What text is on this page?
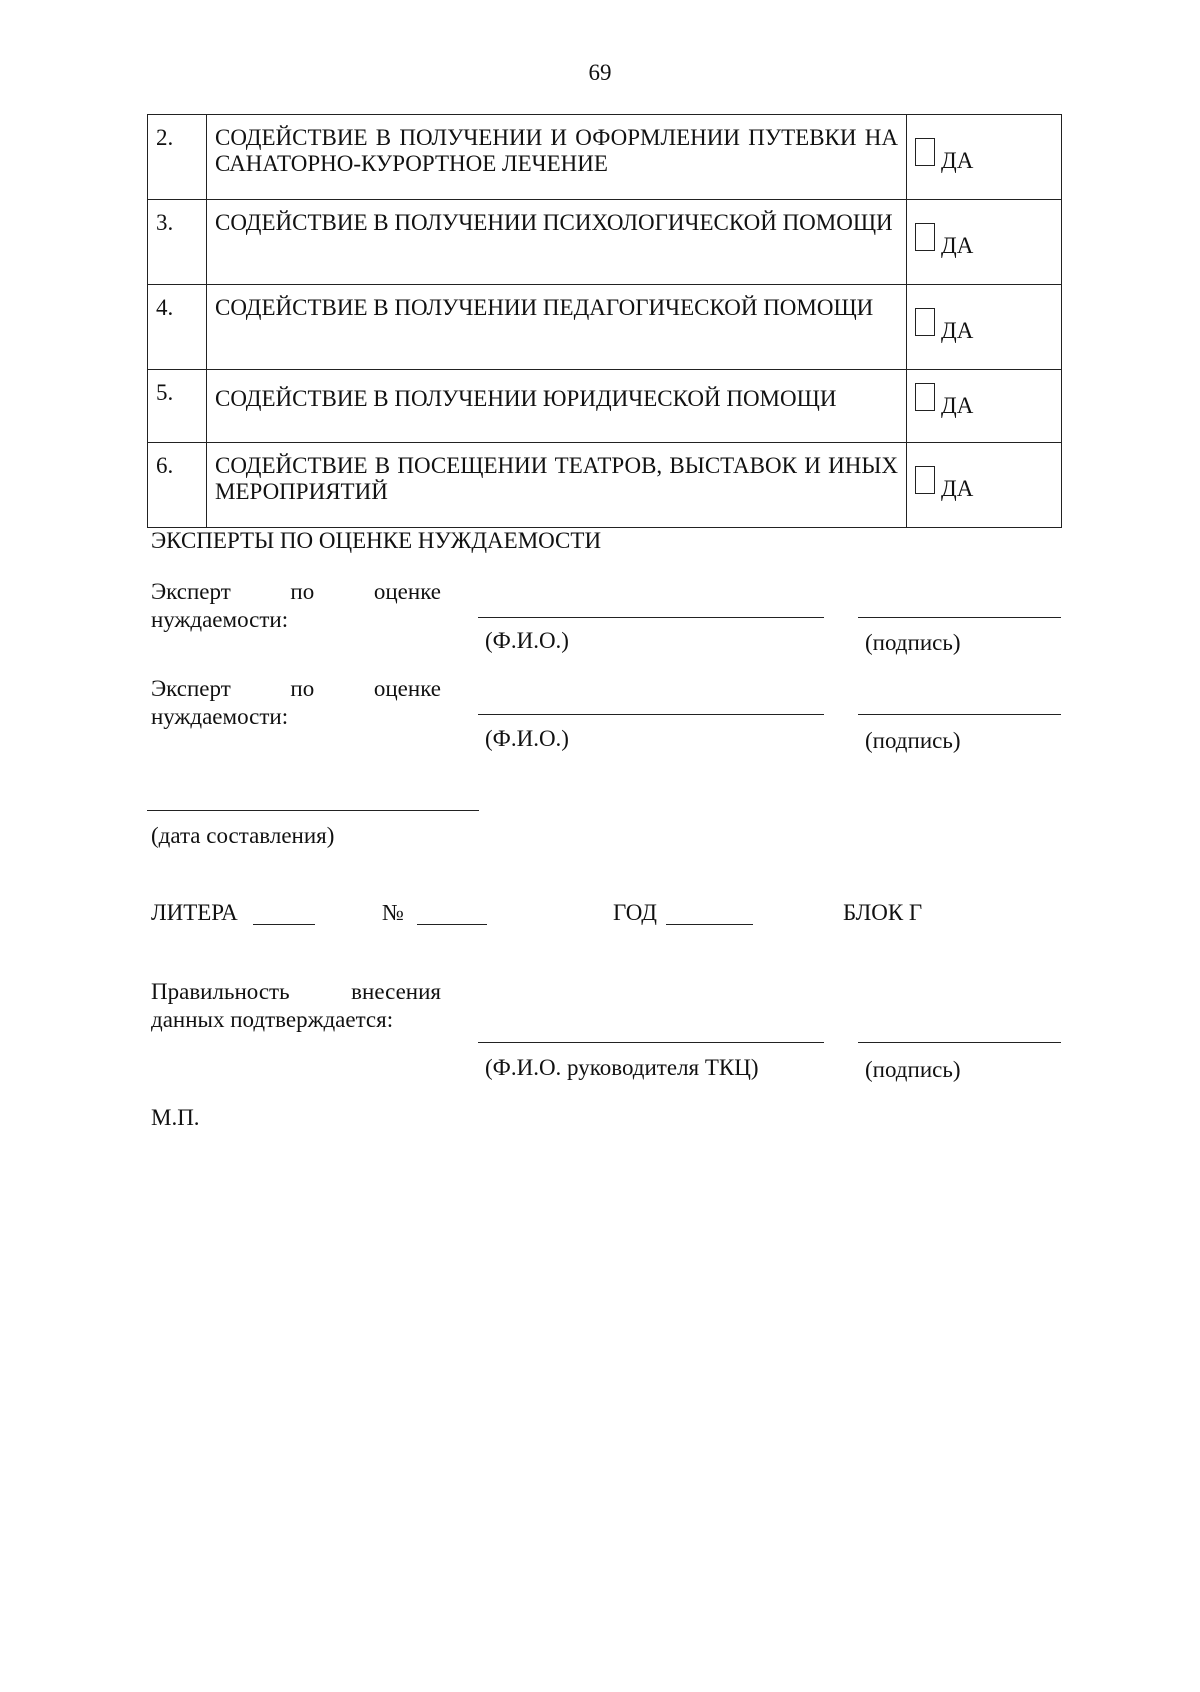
69
2.	СОДЕЙСТВИЕ В ПОЛУЧЕНИИ И ОФОРМЛЕНИИ ПУТЕВКИ НА САНАТОРНО-КУРОРТНОЕ ЛЕЧЕНИЕ	ДА
3.	СОДЕЙСТВИЕ В ПОЛУЧЕНИИ ПСИХОЛОГИЧЕСКОЙ ПОМОЩИ	ДА
4.	СОДЕЙСТВИЕ В ПОЛУЧЕНИИ ПЕДАГОГИЧЕСКОЙ ПОМОЩИ	ДА
5.	СОДЕЙСТВИЕ В ПОЛУЧЕНИИ ЮРИДИЧЕСКОЙ ПОМОЩИ	ДА
6.	СОДЕЙСТВИЕ В ПОСЕЩЕНИИ ТЕАТРОВ, ВЫСТАВОК И ИНЫХ МЕРОПРИЯТИЙ	ДА
ЭКСПЕРТЫ ПО ОЦЕНКЕ НУЖДАЕМОСТИ
Эксперт по оценке
нуждаемости:
(Ф.И.О.)	(подпись)
Эксперт по оценке
нуждаемости:
(Ф.И.О.)	(подпись)
(дата составления)
ЛИТЕРА	№	ГОД	БЛОК Г
Правильность внесения
данных подтверждается:
(Ф.И.О. руководителя ТКЦ)	(подпись)
М.П.
